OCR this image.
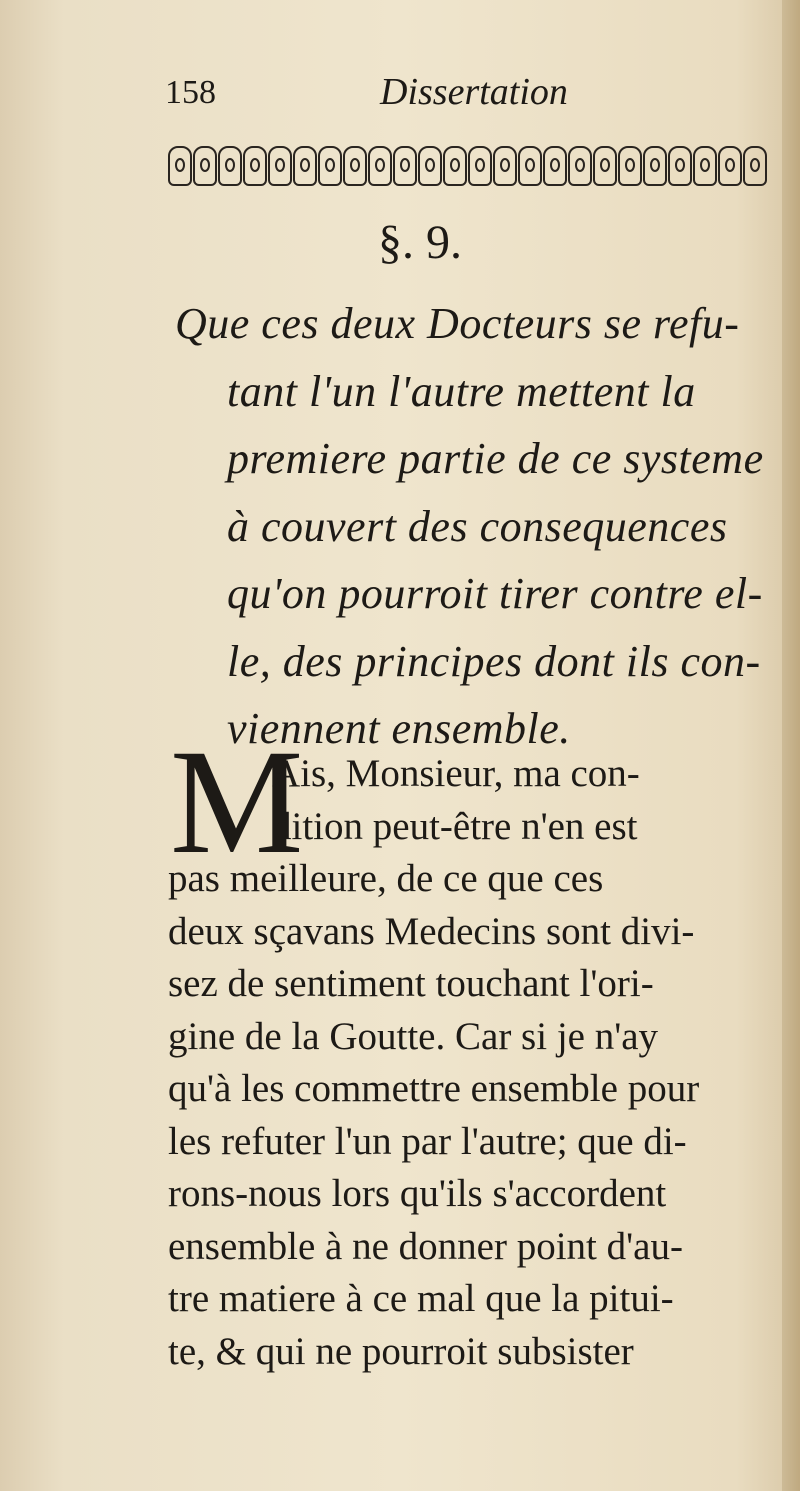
158	Dissertation
§. 9.
Que ces deux Docteurs se refu-
tant l'un l'autre mettent la
premiere partie de ce systeme
à couvert des consequences
qu'on pourroit tirer contre el-
le, des principes dont ils con-
viennent ensemble.
M
Ais, Monsieur, ma con-
dition peut-être n'en est
pas meilleure, de ce que ces
deux sçavans Medecins sont divi-
sez de sentiment touchant l'ori-
gine de la Goutte. Car si je n'ay
qu'à les commettre ensemble pour
les refuter l'un par l'autre; que di-
rons-nous lors qu'ils s'accordent
ensemble à ne donner point d'au-
tre matiere à ce mal que la pitui-
te, & qui ne pourroit subsister
